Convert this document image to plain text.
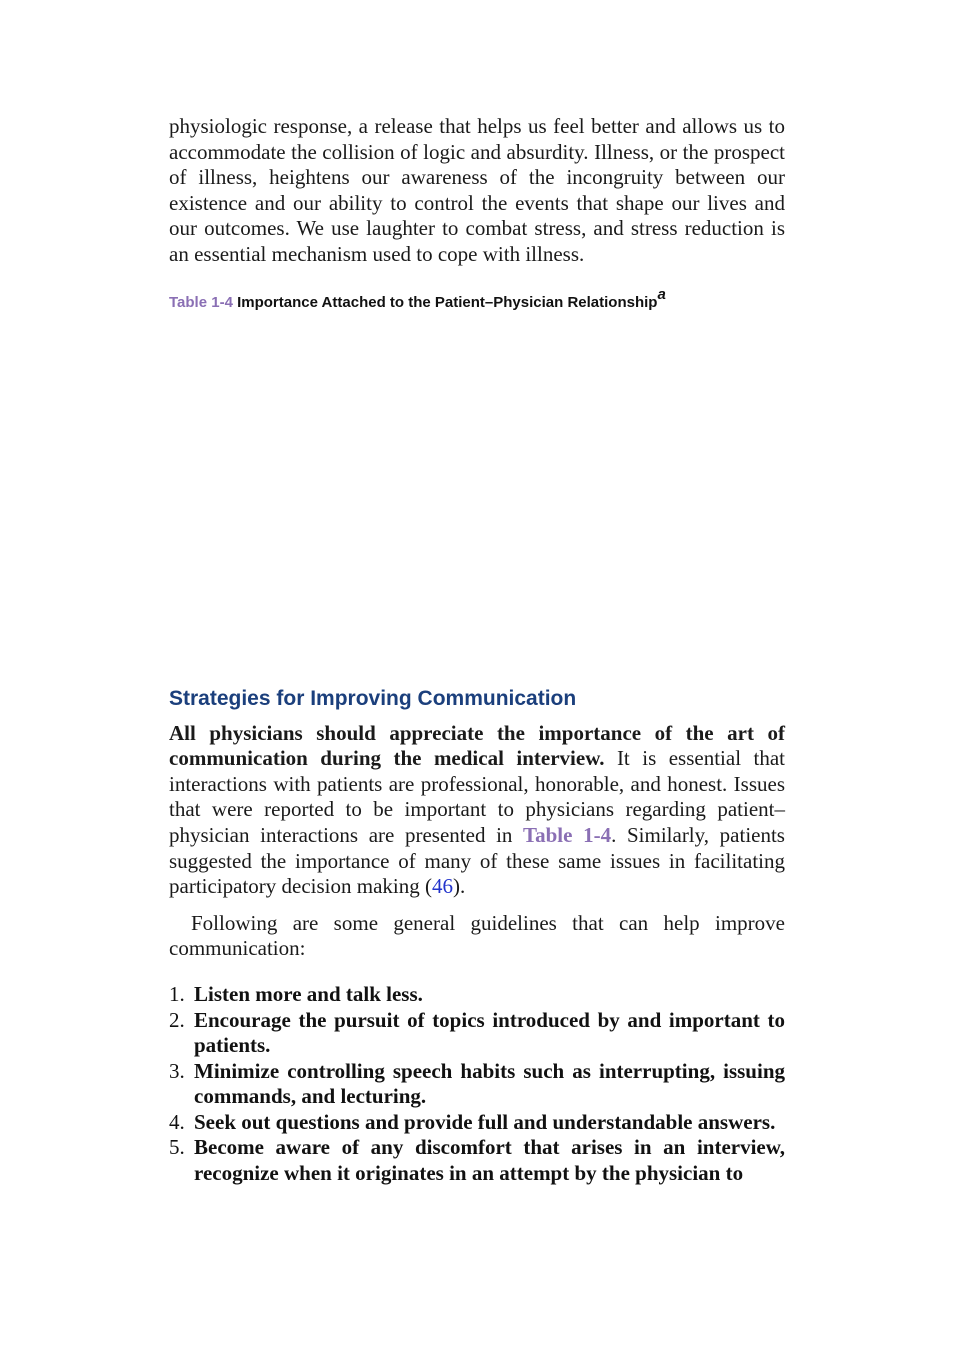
physiologic response, a release that helps us feel better and allows us to accommodate the collision of logic and absurdity. Illness, or the prospect of illness, heightens our awareness of the incongruity between our existence and our ability to control the events that shape our lives and our outcomes. We use laughter to combat stress, and stress reduction is an essential mechanism used to cope with illness.

Table 1-4 Importance Attached to the Patient–Physician Relationship$^a$

Strategies for Improving Communication

All physicians should appreciate the importance of the art of communication during the medical interview. It is essential that interactions with patients are professional, honorable, and honest. Issues that were reported to be important to physicians regarding patient–physician interactions are presented in Table 1-4. Similarly, patients suggested the importance of many of these same issues in facilitating participatory decision making (46).

Following are some general guidelines that can help improve communication:

1. Listen more and talk less.
2. Encourage the pursuit of topics introduced by and important to patients.
3. Minimize controlling speech habits such as interrupting, issuing commands, and lecturing.
4. Seek out questions and provide full and understandable answers.
5. Become aware of any discomfort that arises in an interview, recognize when it originates in an attempt by the physician to
